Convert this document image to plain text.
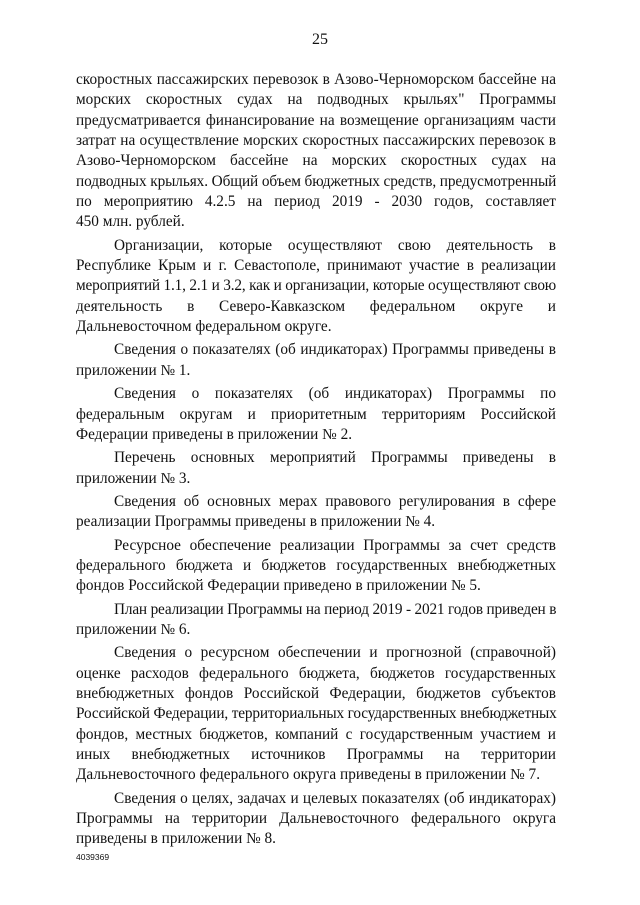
25
скоростных пассажирских перевозок в Азово-Черноморском бассейне на
морских скоростных судах на подводных крыльях" Программы
предусматривается финансирование на возмещение организациям части
затрат на осуществление морских скоростных пассажирских перевозок в
Азово-Черноморском бассейне на морских скоростных судах на
подводных крыльях. Общий объем бюджетных средств, предусмотренный
по мероприятию 4.2.5 на период 2019 - 2030 годов, составляет
450 млн. рублей.
Организации, которые осуществляют свою деятельность в
Республике Крым и г. Севастополе, принимают участие в реализации
мероприятий 1.1, 2.1 и 3.2, как и организации, которые осуществляют свою
деятельность в Северо-Кавказском федеральном округе и
Дальневосточном федеральном округе.
Сведения о показателях (об индикаторах) Программы приведены в
приложении № 1.
Сведения о показателях (об индикаторах) Программы по
федеральным округам и приоритетным территориям Российской
Федерации приведены в приложении № 2.
Перечень основных мероприятий Программы приведены в
приложении № 3.
Сведения об основных мерах правового регулирования в сфере
реализации Программы приведены в приложении № 4.
Ресурсное обеспечение реализации Программы за счет средств
федерального бюджета и бюджетов государственных внебюджетных
фондов Российской Федерации приведено в приложении № 5.
План реализации Программы на период 2019 - 2021 годов приведен в
приложении № 6.
Сведения о ресурсном обеспечении и прогнозной (справочной)
оценке расходов федерального бюджета, бюджетов государственных
внебюджетных фондов Российской Федерации, бюджетов субъектов
Российской Федерации, территориальных государственных внебюджетных
фондов, местных бюджетов, компаний с государственным участием и
иных внебюджетных источников Программы на территории
Дальневосточного федерального округа приведены в приложении № 7.
Сведения о целях, задачах и целевых показателях (об индикаторах)
Программы на территории Дальневосточного федерального округа
приведены в приложении № 8.
4039369
